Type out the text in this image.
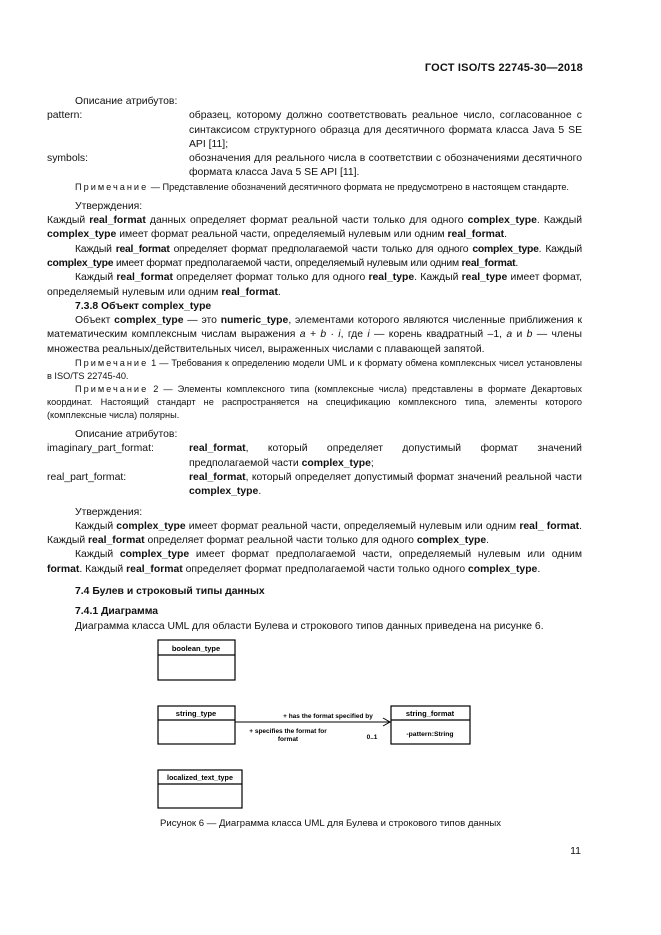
ГОСТ ISO/TS 22745-30—2018

Описание атрибутов:

pattern:	образец, которому должно соответствовать реальное число, согласованное с синтаксисом структурного образца для десятичного формата класса Java 5 SE API [11];
symbols:	обозначения для реального числа в соответствии с обозначениями десятичного формата класса Java 5 SE API [11].

Примечание — Представление обозначений десятичного формата не предусмотрено в настоящем стандарте.

Утверждения:

Каждый real_format данных определяет формат реальной части только для одного complex_type. Каждый complex_type имеет формат реальной части, определяемый нулевым или одним real_format.

Каждый real_format определяет формат предполагаемой части только для одного complex_type. Каждый complex_type имеет формат предполагаемой части, определяемый нулевым или одним real_format.

Каждый real_format определяет формат только для одного real_type. Каждый real_type имеет формат, определяемый нулевым или одним real_format.

7.3.8 Объект complex_type

Объект complex_type — это numeric_type, элементами которого являются численные приближения к математическим комплексным числам выражения a + b · i, где i — корень квадратный –1, a и b — члены множества реальных/действительных чисел, выраженных числами с плавающей запятой.

Примечание 1 — Требования к определению модели UML и к формату обмена комплексных чисел установлены в ISO/TS 22745-40.

Примечание 2 — Элементы комплексного типа (комплексные числа) представлены в формате Декартовых координат. Настоящий стандарт не распространяется на спецификацию комплексного типа, элементы которого (комплексные числа) полярны.

Описание атрибутов:

imaginary_part_format:	real_format, который определяет допустимый формат значений предполагаемой части complex_type;
real_part_format:	real_format, который определяет допустимый формат значений реальной части complex_type.

Утверждения:

Каждый complex_type имеет формат реальной части, определяемый нулевым или одним real_ format. Каждый real_format определяет формат реальной части только для одного complex_type.

Каждый complex_type имеет формат предполагаемой части, определяемый нулевым или одним format. Каждый real_format определяет формат предполагаемой части только одного complex_type.

7.4 Булев и строковый типы данных

7.4.1 Диаграмма

Диаграмма класса UML для области Булева и строкового типов данных приведена на рисунке 6.

boolean_type
string_type	+ has the format specified by
+ specifies the format for
format	0..1
string_format
-pattern:String
localized_text_type
Рисунок 6 — Диаграмма класса UML для Булева и строкового типов данных
11
